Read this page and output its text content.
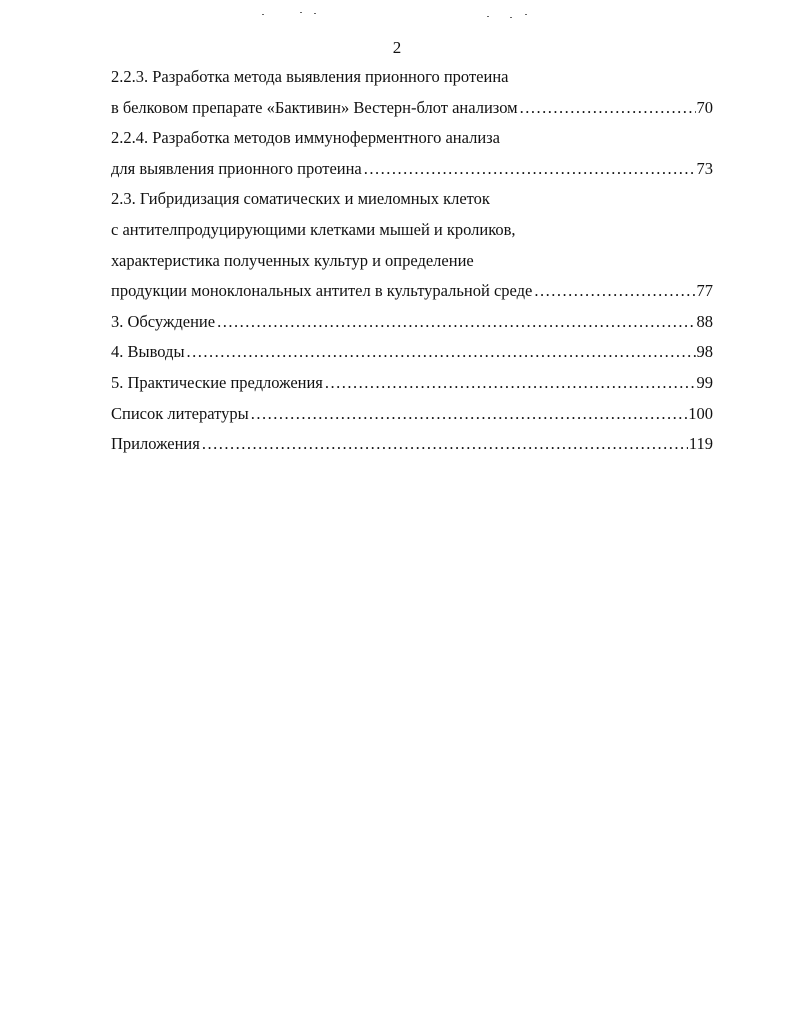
2
2.2.3. Разработка метода выявления прионного протеина
в белковом препарате «Бактивин» Вестерн-блот анализом .....	70
2.2.4. Разработка методов иммуноферментного анализа
для выявления прионного протеина .....	73
2.3. Гибридизация соматических и миеломных клеток
с антителпродуцирующими клетками мышей и кроликов,
характеристика полученных культур и определение
продукции моноклональных антител в культуральной среде .....	77
3. Обсуждение .....	88
4. Выводы .....	98
5. Практические предложения .....	99
Список литературы .....	100
Приложения .....	119
